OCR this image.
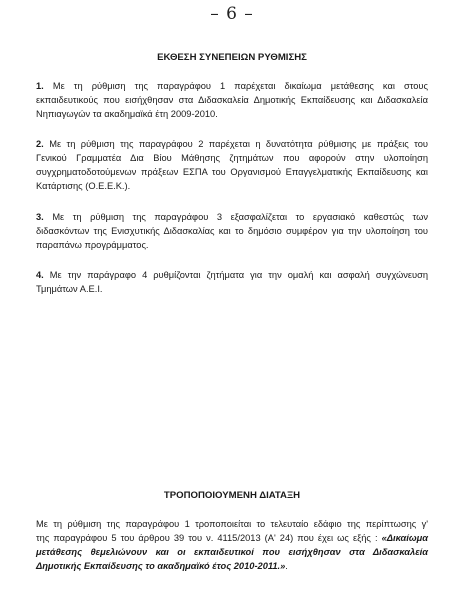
– 6 –
ΕΚΘΕΣΗ ΣΥΝΕΠΕΙΩΝ ΡΥΘΜΙΣΗΣ
1. Με τη ρύθμιση της παραγράφου 1 παρέχεται δικαίωμα μετάθεσης και στους
εκπαιδευτικούς που εισήχθησαν στα Διδασκαλεία Δημοτικής Εκπαίδευσης και Διδασκαλεία
Νηπιαγωγών τα ακαδημαϊκά έτη 2009-2010.
2. Με τη ρύθμιση της παραγράφου 2 παρέχεται η δυνατότητα ρύθμισης με πράξεις του
Γενικού Γραμματέα Δια Βίου Μάθησης ζητημάτων που αφορούν στην υλοποίηση
συγχρηματοδοτούμενων πράξεων ΕΣΠΑ του Οργανισμού Επαγγελματικής Εκπαίδευσης και
Κατάρτισης (Ο.Ε.Ε.Κ.).
3. Με τη ρύθμιση της παραγράφου 3 εξασφαλίζεται το εργασιακό καθεστώς των
διδασκόντων της Ενισχυτικής Διδασκαλίας και το δημόσιο συμφέρον για την υλοποίηση του
παραπάνω προγράμματος.
4. Με την παράγραφο 4 ρυθμίζονται ζητήματα για την ομαλή και ασφαλή συγχώνευση
Τμημάτων Α.Ε.Ι.
ΤΡΟΠΟΠΟΙΟΥΜΕΝΗ ΔΙΑΤΑΞΗ
Με τη ρύθμιση της παραγράφου 1 τροποποιείται το τελευταίο εδάφιο της περίπτωσης γ'
της παραγράφου 5 του άρθρου 39 του ν. 4115/2013 (Α' 24) που έχει ως εξής : «Δικαίωμα
μετάθεσης θεμελιώνουν και οι εκπαιδευτικοί που εισήχθησαν στα Διδασκαλεία
Δημοτικής Εκπαίδευσης το ακαδημαϊκό έτος 2010-2011.».
